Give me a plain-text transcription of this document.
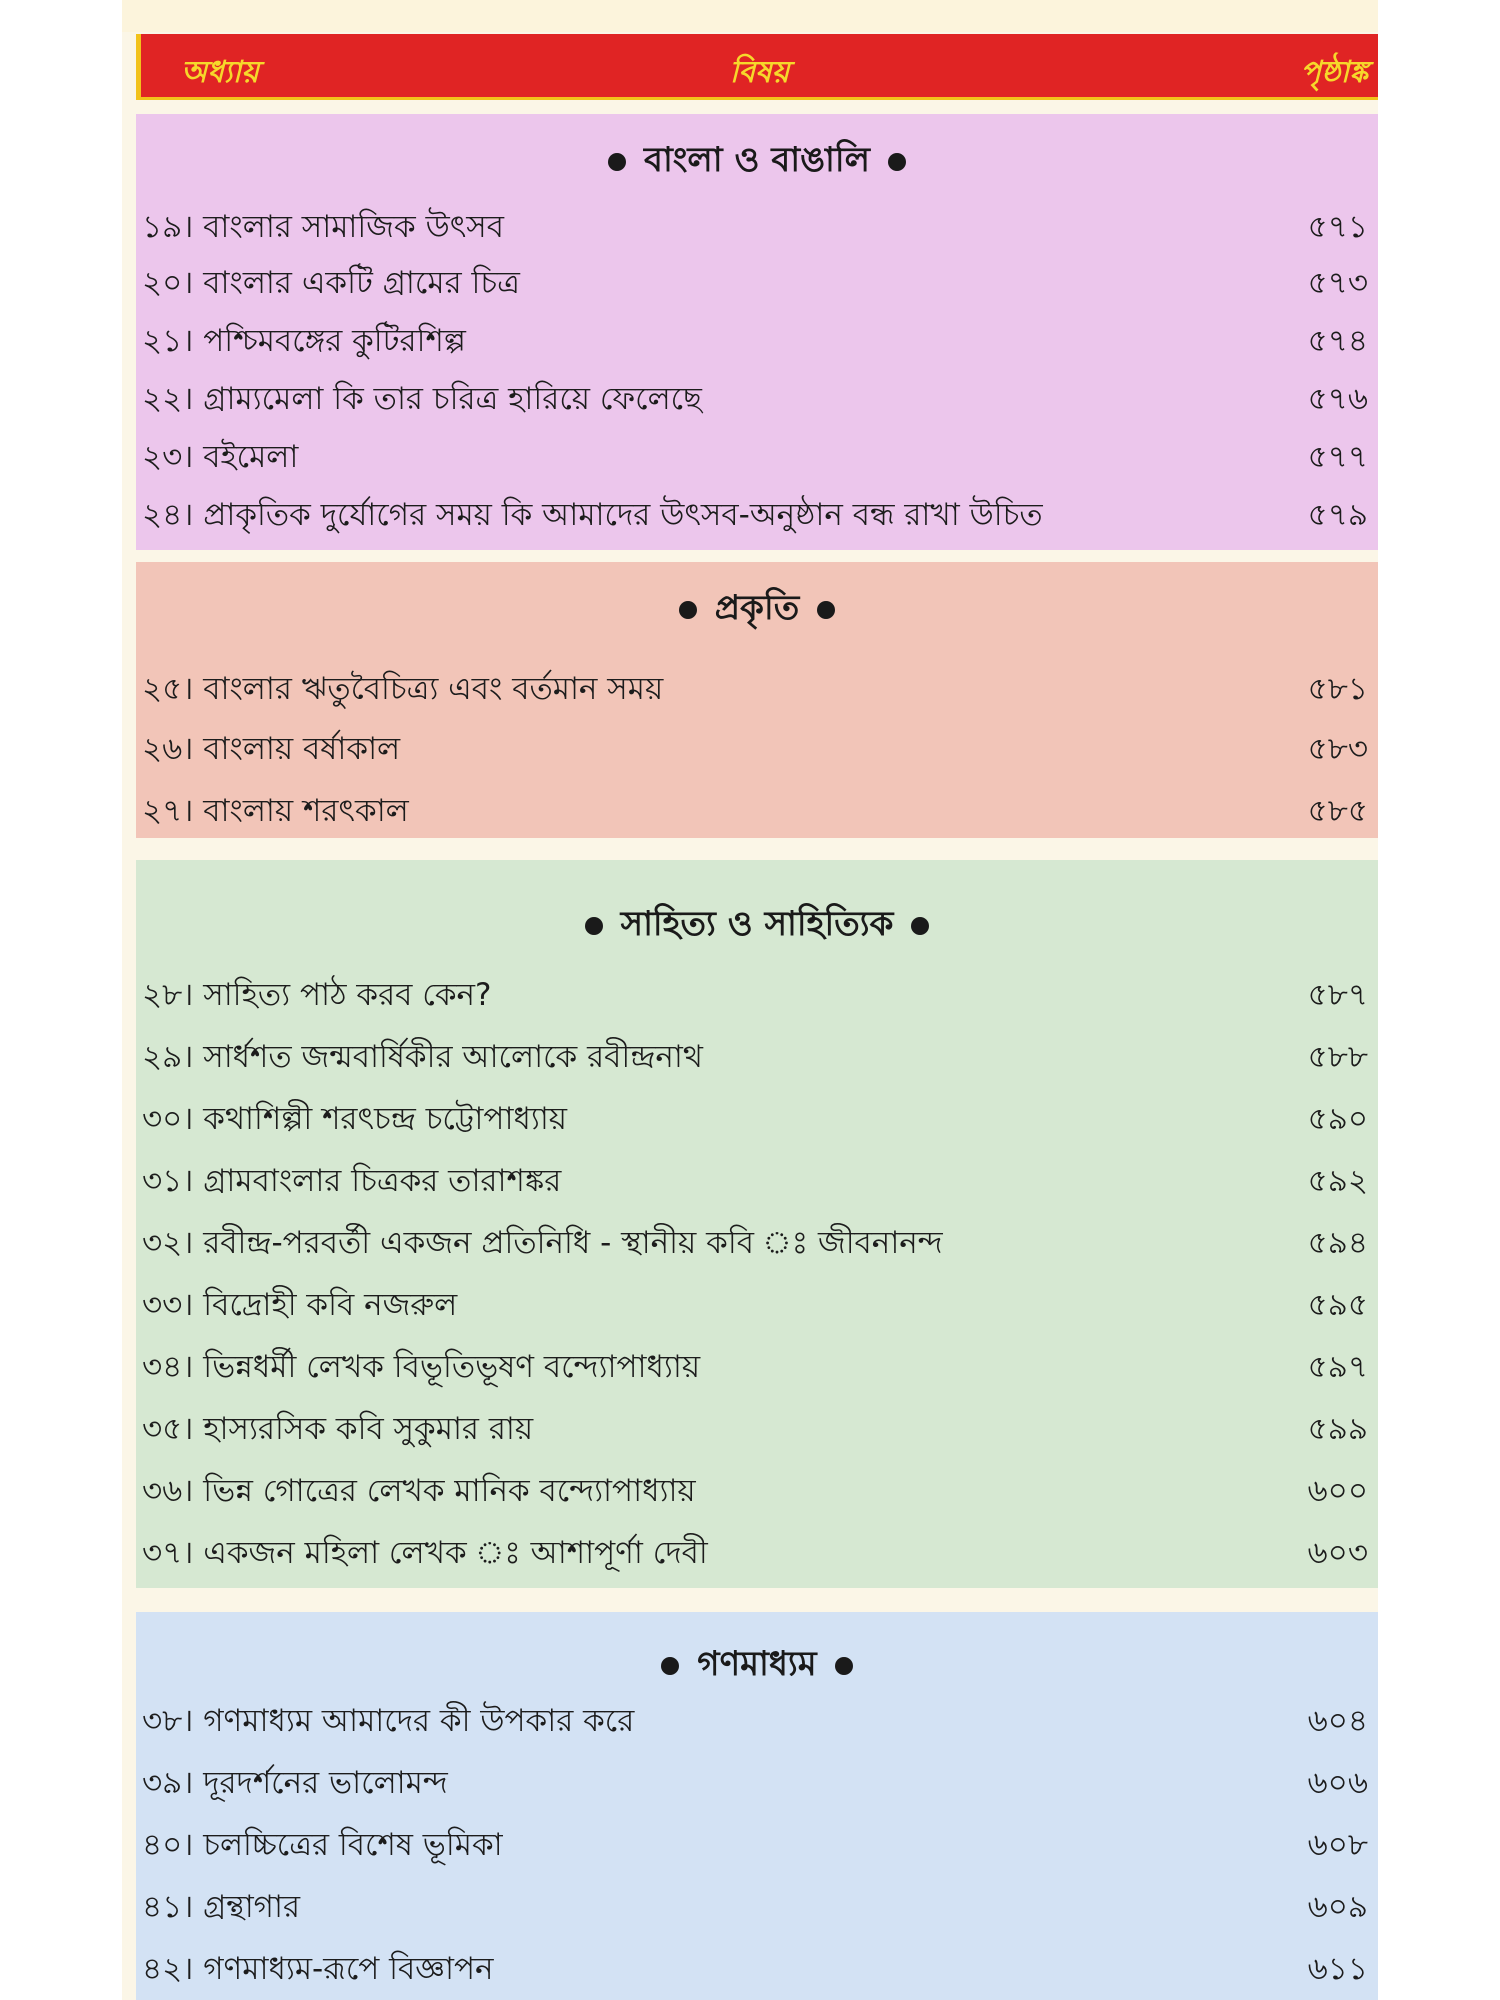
অধ্যায়	বিষয়	পৃষ্ঠাঙ্ক
বাংলা ও বাঙালি
১৯। বাংলার সামাজিক উৎসব	৫৭১
২০। বাংলার একটি গ্রামের চিত্র	৫৭৩
২১। পশ্চিমবঙ্গের কুটিরশিল্প	৫৭৪
২২। গ্রাম্যমেলা কি তার চরিত্র হারিয়ে ফেলেছে	৫৭৬
২৩। বইমেলা	৫৭৭
২৪। প্রাকৃতিক দুর্যোগের সময় কি আমাদের উৎসব-অনুষ্ঠান বন্ধ রাখা উচিত	৫৭৯
প্রকৃতি
২৫। বাংলার ঋতুবৈচিত্র্য এবং বর্তমান সময়	৫৮১
২৬। বাংলায় বর্ষাকাল	৫৮৩
২৭। বাংলায় শরৎকাল	৫৮৫
সাহিত্য ও সাহিত্যিক
২৮। সাহিত্য পাঠ করব কেন?	৫৮৭
২৯। সার্ধশত জন্মবার্ষিকীর আলোকে রবীন্দ্রনাথ	৫৮৮
৩০। কথাশিল্পী শরৎচন্দ্র চট্টোপাধ্যায়	৫৯০
৩১। গ্রামবাংলার চিত্রকর তারাশঙ্কর	৫৯২
৩২। রবীন্দ্র-পরবর্তী একজন প্রতিনিধি - স্থানীয় কবি ঃ জীবনানন্দ	৫৯৪
৩৩। বিদ্রোহী কবি নজরুল	৫৯৫
৩৪। ভিন্নধর্মী লেখক বিভূতিভূষণ বন্দ্যোপাধ্যায়	৫৯৭
৩৫। হাস্যরসিক কবি সুকুমার রায়	৫৯৯
৩৬। ভিন্ন গোত্রের লেখক মানিক বন্দ্যোপাধ্যায়	৬০০
৩৭। একজন মহিলা লেখক ঃ আশাপূর্ণা দেবী	৬০৩
গণমাধ্যম
৩৮। গণমাধ্যম আমাদের কী উপকার করে	৬০৪
৩৯। দূরদর্শনের ভালোমন্দ	৬০৬
৪০। চলচ্চিত্রের বিশেষ ভূমিকা	৬০৮
৪১। গ্রন্থাগার	৬০৯
৪২। গণমাধ্যম-রূপে বিজ্ঞাপন	৬১১
